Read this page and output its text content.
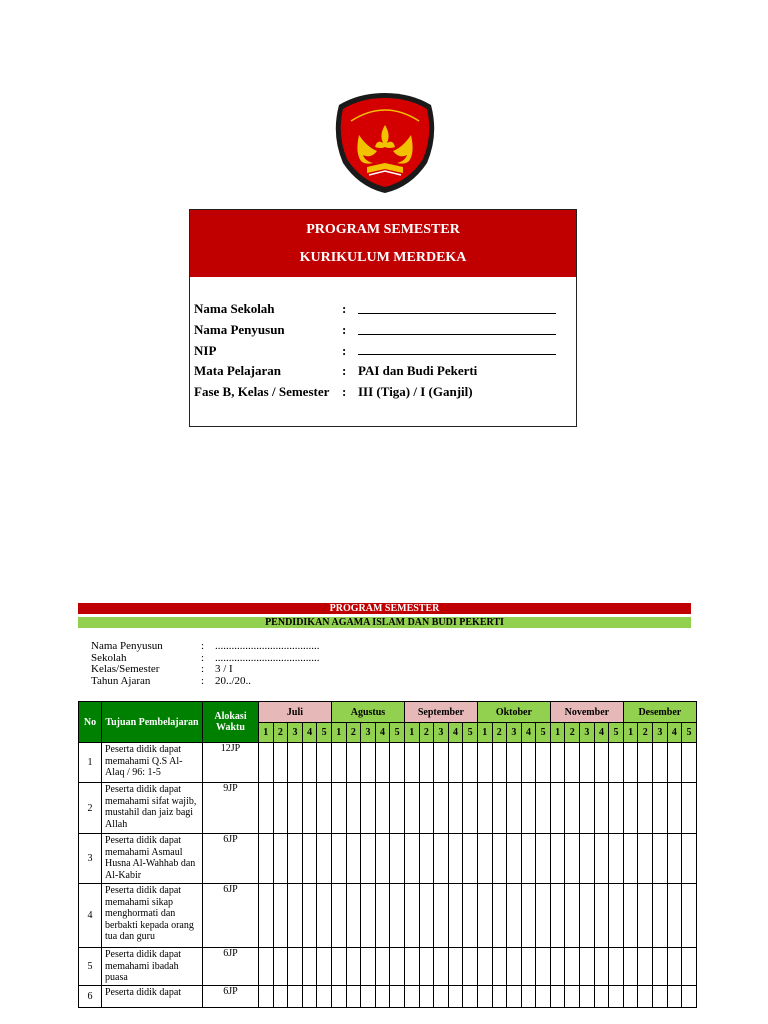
PROGRAM SEMESTER
KURIKULUM MERDEKA
Nama Sekolah	:
Nama Penyusun	:
NIP	:
Mata Pelajaran	: PAI dan Budi Pekerti
Fase B, Kelas / Semester : III (Tiga) / I (Ganjil)
PROGRAM SEMESTER
PENDIDIKAN AGAMA ISLAM DAN BUDI PEKERTI
Nama Penyusun	: ......................................
Sekolah	: ......................................
Kelas/Semester	: 3 / I
Tahun Ajaran	: 20../20..
No	Tujuan Pembelajaran	Alokasi Waktu	Juli					Agustus					September					Oktober					November					Desember				
			1	2	3	4	5	1	2	3	4	5	1	2	3	4	5	1	2	3	4	5	1	2	3	4	5	1	2	3	4	5
1	Peserta didik dapat memahami Q.S Al-Alaq / 96: 1-5	12JP																														
2	Peserta didik dapat memahami sifat wajib, mustahil dan jaiz bagi Allah	9JP																														
3	Peserta didik dapat memahami Asmaul Husna Al-Wahhab dan Al-Kabir	6JP																														
4	Peserta didik dapat memahami sikap menghormati dan berbakti kepada orang tua dan guru	6JP																														
5	Peserta didik dapat memahami ibadah puasa	6JP																														
6	Peserta didik dapat	6JP																														
